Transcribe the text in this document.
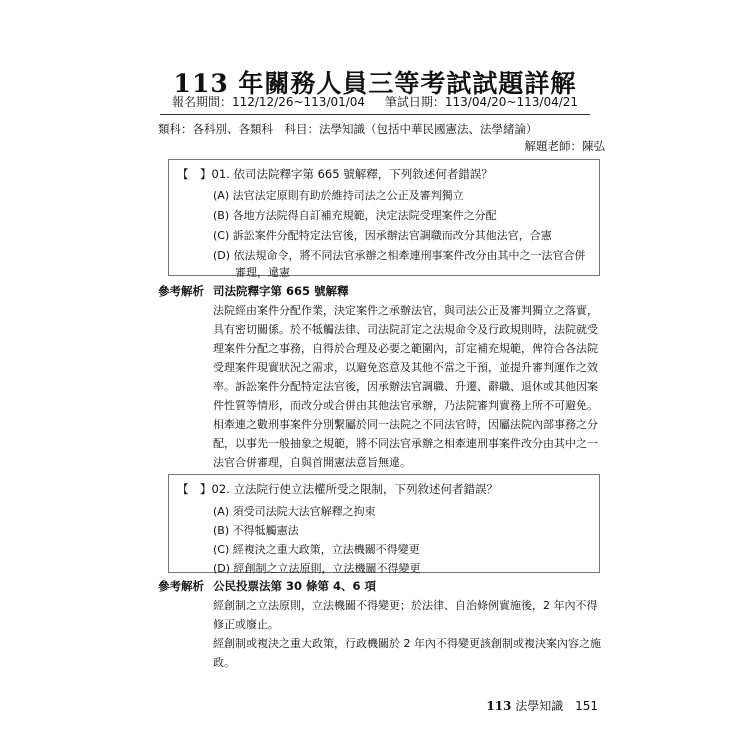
113 年關務人員三等考試試題詳解
報名期間：112/12/26~113/01/04 筆試日期：113/04/20~113/04/21
類科：各科別、各類科　科目：法學知識（包括中華民國憲法、法學緒論）
解題老師：陳弘
【　】01. 依司法院釋字第 665 號解釋，下列敘述何者錯誤？
(A) 法官法定原則有助於維持司法之公正及審判獨立
(B) 各地方法院得自訂補充規範，決定法院受理案件之分配
(C) 訴訟案件分配特定法官後，因承辦法官調職而改分其他法官，合憲
(D) 依法規命令，將不同法官承辦之相牽連刑事案件改分由其中之一法官合併
　　審理，違憲
參考解析 司法院釋字第 665 號解釋
法院經由案件分配作業，決定案件之承辦法官，與司法公正及審判獨立之落實，
具有密切關係。於不牴觸法律、司法院訂定之法規命令及行政規則時，法院就受
理案件分配之事務，自得於合理及必要之範圍內，訂定補充規範，俾符合各法院
受理案件現實狀況之需求，以避免恣意及其他不當之干預，並提升審判運作之效
率。訴訟案件分配特定法官後，因承辦法官調職、升遷、辭職、退休或其他因案
件性質等情形，而改分或合併由其他法官承辦，乃法院審判實務上所不可避免。
相牽連之數刑事案件分別繫屬於同一法院之不同法官時，因屬法院內部事務之分
配，以事先一般抽象之規範，將不同法官承辦之相牽連刑事案件改分由其中之一
法官合併審理，自與首開憲法意旨無違。
【　】02. 立法院行使立法權所受之限制，下列敘述何者錯誤？
(A) 須受司法院大法官解釋之拘束
(B) 不得牴觸憲法
(C) 經複決之重大政策，立法機關不得變更
(D) 經創制之立法原則，立法機關不得變更
參考解析 公民投票法第 30 條第 4、6 項
經創制之立法原則，立法機關不得變更；於法律、自治條例實施後，2 年內不得
修正或廢止。
經創制或複決之重大政策，行政機關於 2 年內不得變更該創制或複決案內容之施
政。
113 法學知識 151
